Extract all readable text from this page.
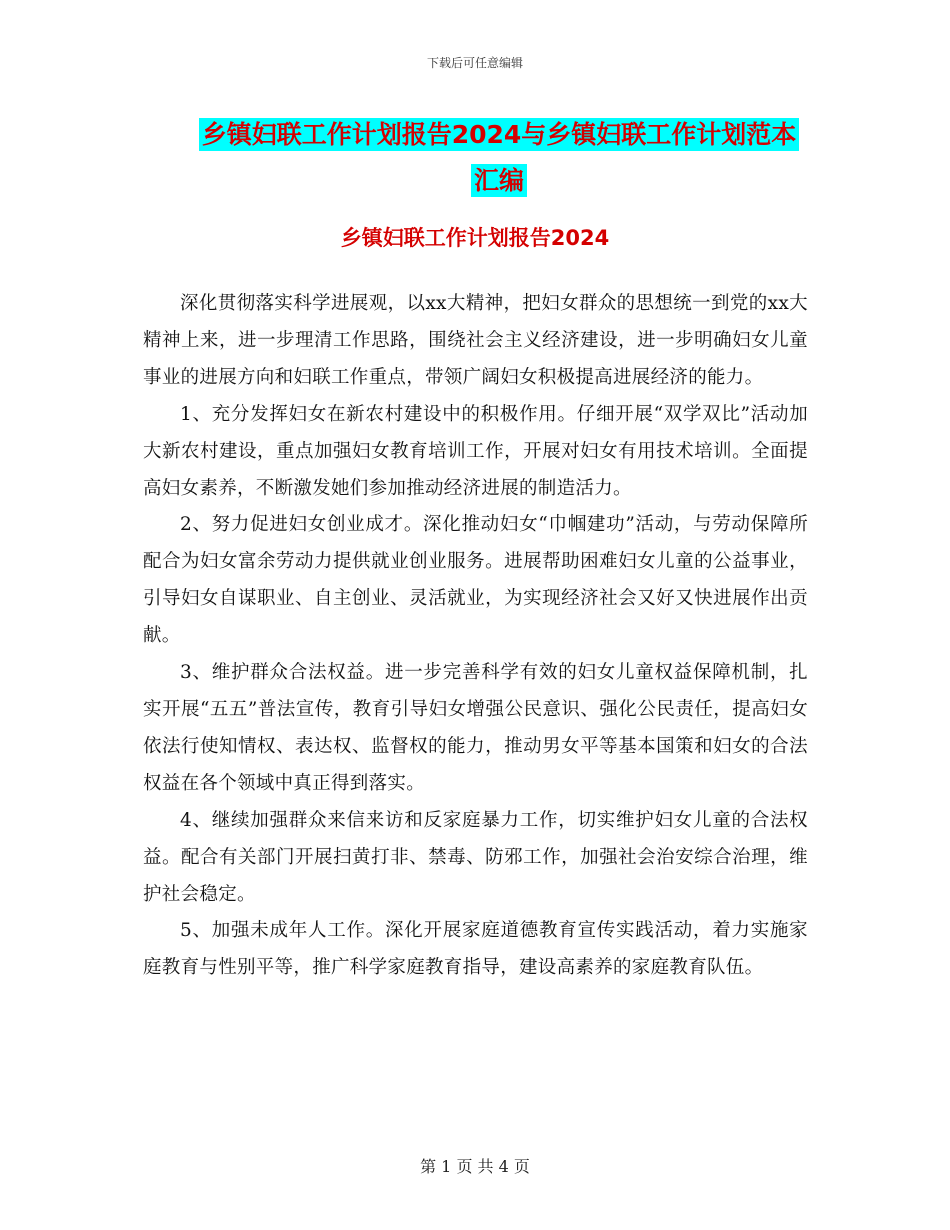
下载后可任意编辑
乡镇妇联工作计划报告2024与乡镇妇联工作计划范本
汇编
乡镇妇联工作计划报告2024

深化贯彻落实科学进展观，以xx大精神，把妇女群众的思想统一到党的xx大精神上来，进一步理清工作思路，围绕社会主义经济建设，进一步明确妇女儿童事业的进展方向和妇联工作重点，带领广阔妇女积极提高进展经济的能力。

1、充分发挥妇女在新农村建设中的积极作用。仔细开展“双学双比”活动加大新农村建设，重点加强妇女教育培训工作，开展对妇女有用技术培训。全面提高妇女素养，不断激发她们参加推动经济进展的制造活力。

2、努力促进妇女创业成才。深化推动妇女“巾帼建功”活动，与劳动保障所配合为妇女富余劳动力提供就业创业服务。进展帮助困难妇女儿童的公益事业，引导妇女自谋职业、自主创业、灵活就业，为实现经济社会又好又快进展作出贡献。

3、维护群众合法权益。进一步完善科学有效的妇女儿童权益保障机制，扎实开展“五五”普法宣传，教育引导妇女增强公民意识、强化公民责任，提高妇女依法行使知情权、表达权、监督权的能力，推动男女平等基本国策和妇女的合法权益在各个领域中真正得到落实。

4、继续加强群众来信来访和反家庭暴力工作，切实维护妇女儿童的合法权益。配合有关部门开展扫黄打非、禁毒、防邪工作，加强社会治安综合治理，维护社会稳定。

5、加强未成年人工作。深化开展家庭道德教育宣传实践活动，着力实施家庭教育与性别平等，推广科学家庭教育指导，建设高素养的家庭教育队伍。

第 1 页 共 4 页
